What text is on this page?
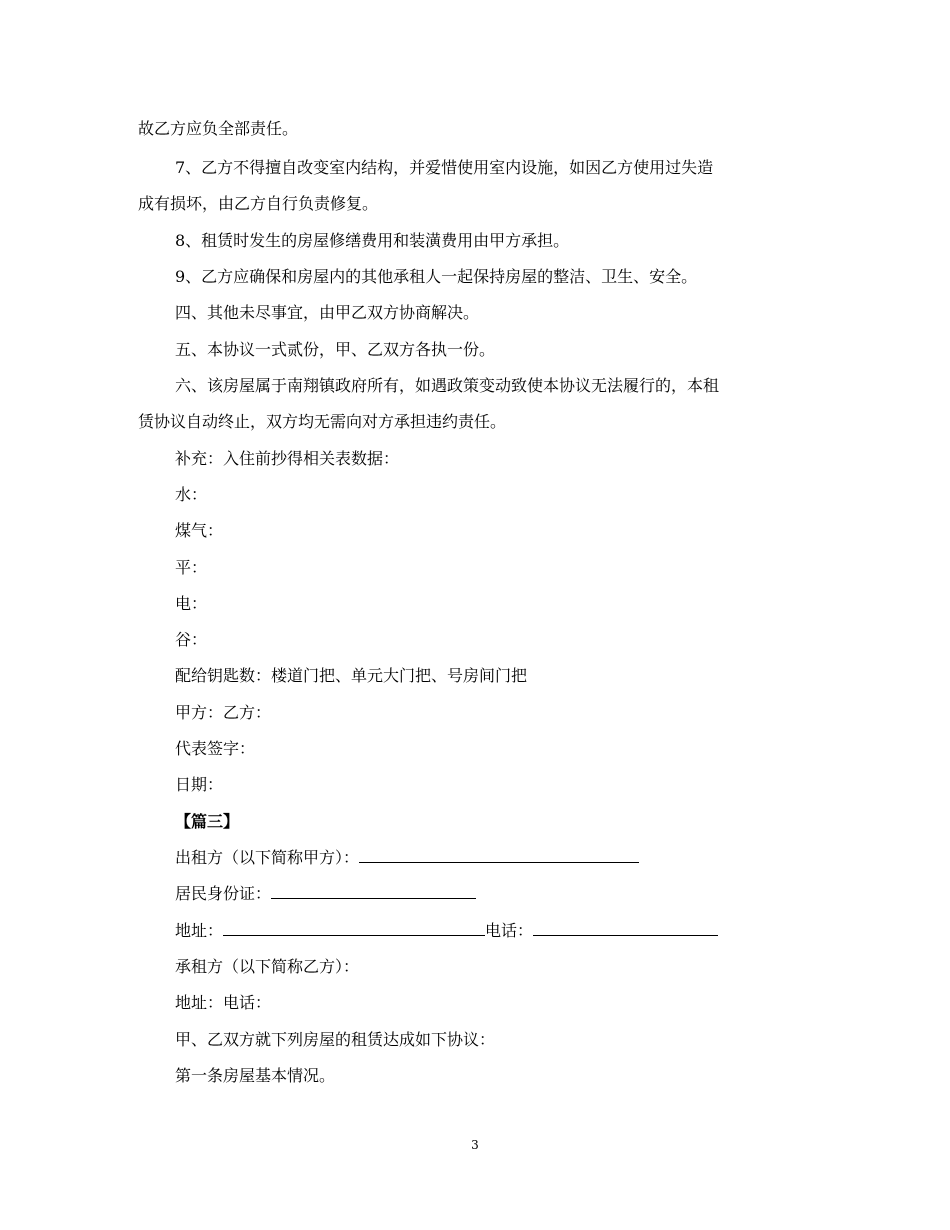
故乙方应负全部责任。
7、乙方不得擅自改变室内结构，并爱惜使用室内设施，如因乙方使用过失造
成有损坏，由乙方自行负责修复。
8、租赁时发生的房屋修缮费用和装潢费用由甲方承担。
9、乙方应确保和房屋内的其他承租人一起保持房屋的整洁、卫生、安全。
四、其他未尽事宜，由甲乙双方协商解决。
五、本协议一式贰份，甲、乙双方各执一份。
六、该房屋属于南翔镇政府所有，如遇政策变动致使本协议无法履行的，本租
赁协议自动终止，双方均无需向对方承担违约责任。
补充：入住前抄得相关表数据：
水：
煤气：
平：
电：
谷：
配给钥匙数：楼道门把、单元大门把、号房间门把
甲方：乙方：
代表签字：
日期：
【篇三】
出租方（以下简称甲方）：
居民身份证：
地址：	电话：
承租方（以下简称乙方）：
地址：电话：
甲、乙双方就下列房屋的租赁达成如下协议：
第一条房屋基本情况。
3
